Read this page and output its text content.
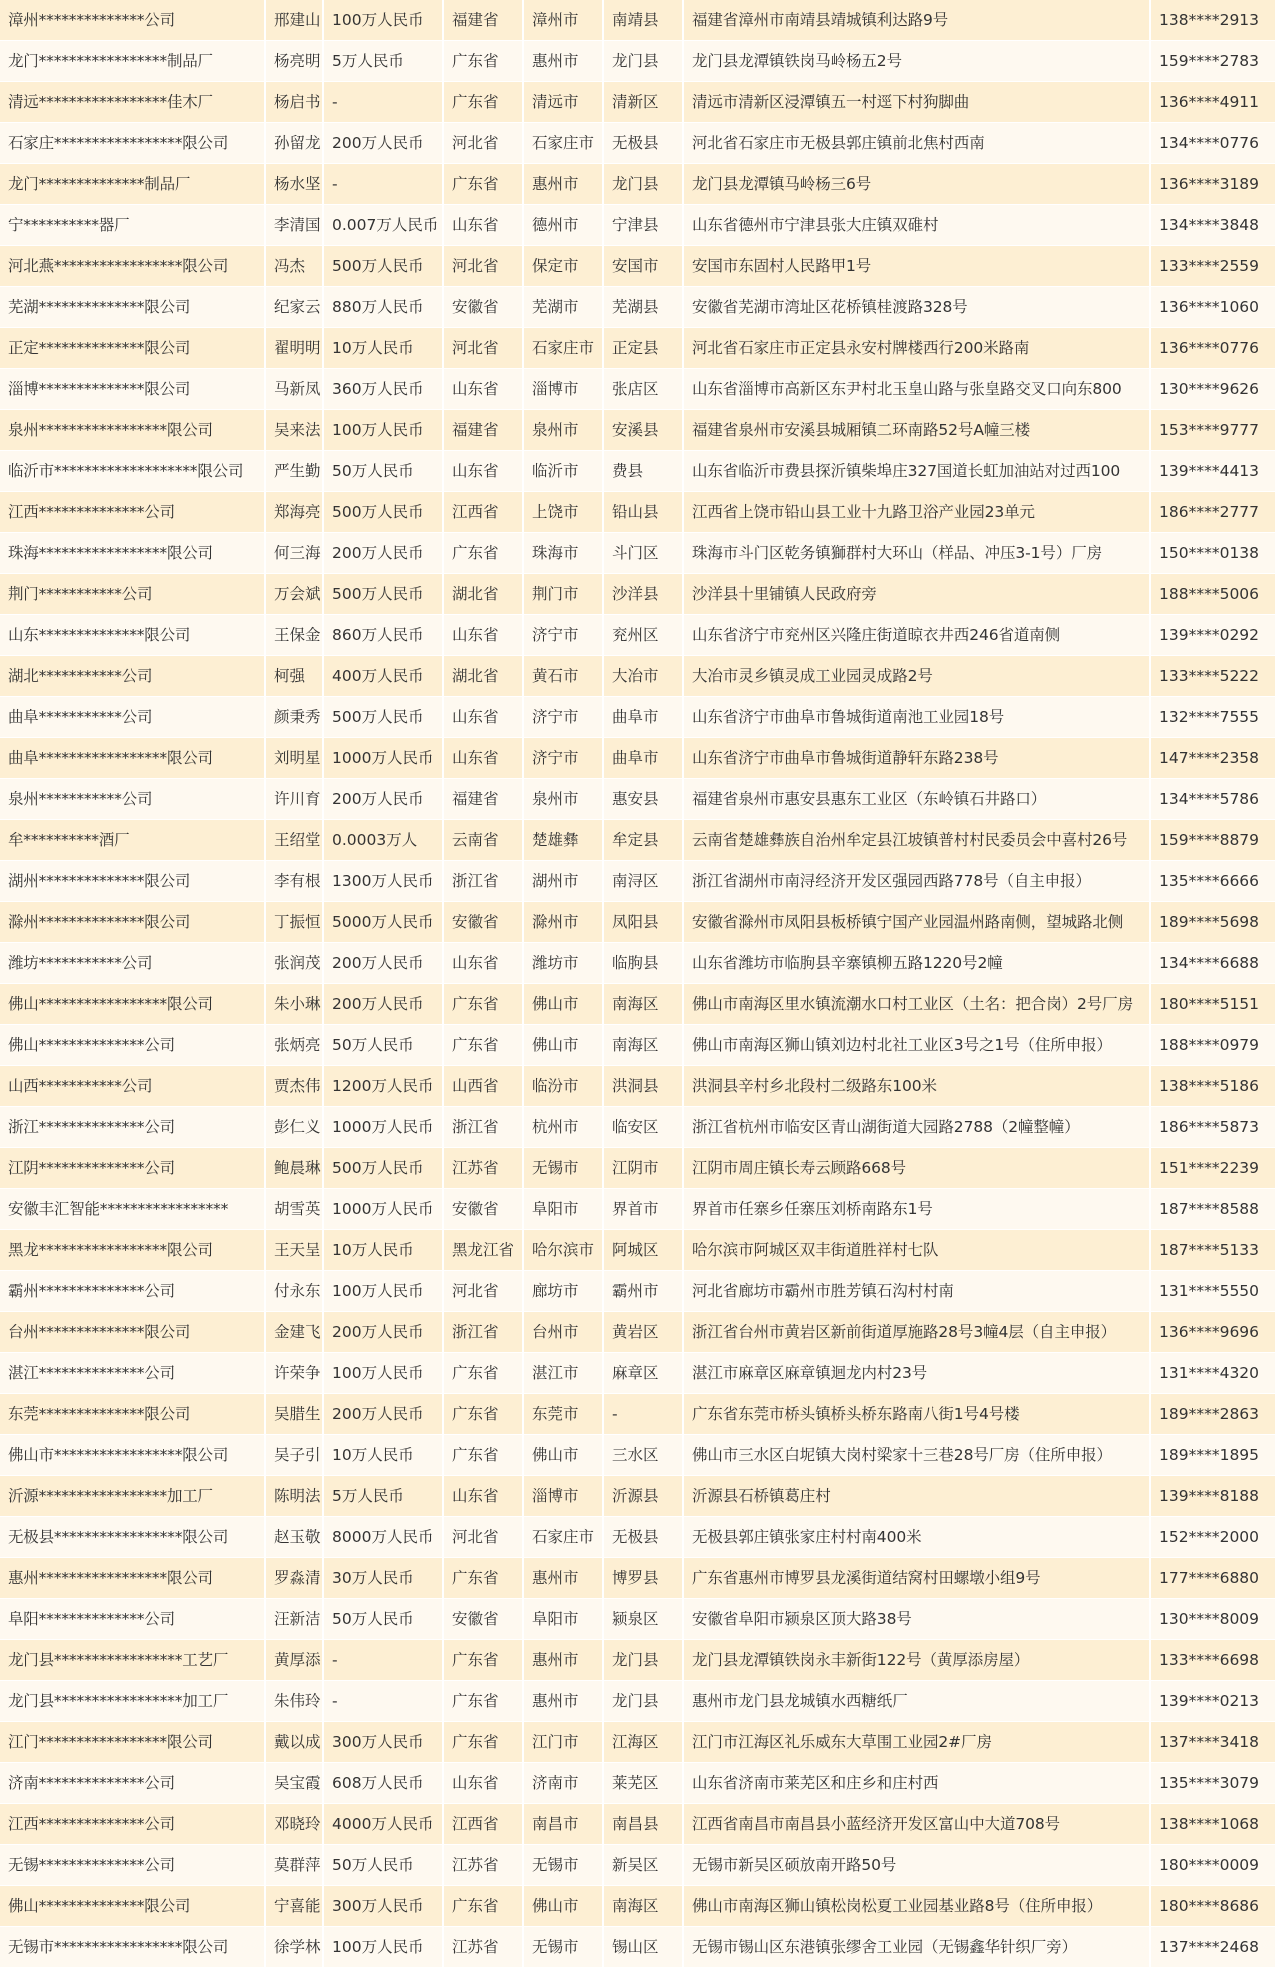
漳州**************公司	邢建山	100万人民币	福建省	漳州市	南靖县	福建省漳州市南靖县靖城镇利达路9号	138****2913
龙门*****************制品厂	杨亮明	5万人民币	广东省	惠州市	龙门县	龙门县龙潭镇铁岗马岭杨五2号	159****2783
清远*****************佳木厂	杨启书	-	广东省	清远市	清新区	清远市清新区浸潭镇五一村逕下村狗脚曲	136****4911
石家庄*****************限公司	孙留龙	200万人民币	河北省	石家庄市	无极县	河北省石家庄市无极县郭庄镇前北焦村西南	134****0776
龙门**************制品厂	杨水坚	-	广东省	惠州市	龙门县	龙门县龙潭镇马岭杨三6号	136****3189
宁**********器厂	李清国	0.007万人民币	山东省	德州市	宁津县	山东省德州市宁津县张大庄镇双碓村	134****3848
河北燕*****************限公司	冯杰	500万人民币	河北省	保定市	安国市	安国市东固村人民路甲1号	133****2559
芜湖**************限公司	纪家云	880万人民币	安徽省	芜湖市	芜湖县	安徽省芜湖市湾址区花桥镇桂渡路328号	136****1060
正定**************限公司	翟明明	10万人民币	河北省	石家庄市	正定县	河北省石家庄市正定县永安村牌楼西行200米路南	136****0776
淄博**************限公司	马新凤	360万人民币	山东省	淄博市	张店区	山东省淄博市高新区东尹村北玉皇山路与张皇路交叉口向东800	130****9626
泉州*****************限公司	吴来法	100万人民币	福建省	泉州市	安溪县	福建省泉州市安溪县城厢镇二环南路52号A幢三楼	153****9777
临沂市*******************限公司	严生勤	50万人民币	山东省	临沂市	费县	山东省临沂市费县探沂镇柴埠庄327国道长虹加油站对过西100	139****4413
江西**************公司	郑海亮	500万人民币	江西省	上饶市	铅山县	江西省上饶市铅山县工业十九路卫浴产业园23单元	186****2777
珠海*****************限公司	何三海	200万人民币	广东省	珠海市	斗门区	珠海市斗门区乾务镇獅群村大环山（样品、冲压3-1号）厂房	150****0138
荆门***********公司	万会斌	500万人民币	湖北省	荆门市	沙洋县	沙洋县十里铺镇人民政府旁	188****5006
山东**************限公司	王保金	860万人民币	山东省	济宁市	兖州区	山东省济宁市兖州区兴隆庄街道晾衣井西246省道南侧	139****0292
湖北***********公司	柯强	400万人民币	湖北省	黄石市	大冶市	大冶市灵乡镇灵成工业园灵成路2号	133****5222
曲阜***********公司	颜秉秀	500万人民币	山东省	济宁市	曲阜市	山东省济宁市曲阜市鲁城街道南池工业园18号	132****7555
曲阜*****************限公司	刘明星	1000万人民币	山东省	济宁市	曲阜市	山东省济宁市曲阜市鲁城街道静轩东路238号	147****2358
泉州***********公司	许川育	200万人民币	福建省	泉州市	惠安县	福建省泉州市惠安县惠东工业区（东岭镇石井路口）	134****5786
牟**********酒厂	王绍堂	0.0003万人	云南省	楚雄彝	牟定县	云南省楚雄彝族自治州牟定县江坡镇普村村民委员会中喜村26号	159****8879
湖州**************限公司	李有根	1300万人民币	浙江省	湖州市	南浔区	浙江省湖州市南浔经济开发区强园西路778号（自主申报）	135****6666
滁州**************限公司	丁振恒	5000万人民币	安徽省	滁州市	凤阳县	安徽省滁州市凤阳县板桥镇宁国产业园温州路南侧，望城路北侧	189****5698
潍坊***********公司	张润茂	200万人民币	山东省	潍坊市	临朐县	山东省潍坊市临朐县辛寨镇柳五路1220号2幢	134****6688
佛山*****************限公司	朱小琳	200万人民币	广东省	佛山市	南海区	佛山市南海区里水镇流潮水口村工业区（土名：把合岗）2号厂房	180****5151
佛山**************公司	张炳亮	50万人民币	广东省	佛山市	南海区	佛山市南海区狮山镇刘边村北社工业区3号之1号（住所申报）	188****0979
山西***********公司	贾杰伟	1200万人民币	山西省	临汾市	洪洞县	洪洞县辛村乡北段村二级路东100米	138****5186
浙江**************公司	彭仁义	1000万人民币	浙江省	杭州市	临安区	浙江省杭州市临安区青山湖街道大园路2788（2幢整幢）	186****5873
江阴**************公司	鲍晨琳	500万人民币	江苏省	无锡市	江阴市	江阴市周庄镇长寿云顾路668号	151****2239
安徽丰汇智能*****************	胡雪英	1000万人民币	安徽省	阜阳市	界首市	界首市任寨乡任寨压刘桥南路东1号	187****8588
黑龙*****************限公司	王天呈	10万人民币	黑龙江省	哈尔滨市	阿城区	哈尔滨市阿城区双丰街道胜祥村七队	187****5133
霸州**************公司	付永东	100万人民币	河北省	廊坊市	霸州市	河北省廊坊市霸州市胜芳镇石沟村村南	131****5550
台州**************限公司	金建飞	200万人民币	浙江省	台州市	黄岩区	浙江省台州市黄岩区新前街道厚施路28号3幢4层（自主申报）	136****9696
湛江**************公司	许荣争	100万人民币	广东省	湛江市	麻章区	湛江市麻章区麻章镇迴龙内村23号	131****4320
东莞**************限公司	吴腊生	200万人民币	广东省	东莞市	-	广东省东莞市桥头镇桥头桥东路南八街1号4号楼	189****2863
佛山市*****************限公司	吴子引	10万人民币	广东省	佛山市	三水区	佛山市三水区白坭镇大岗村梁家十三巷28号厂房（住所申报）	189****1895
沂源*****************加工厂	陈明法	5万人民币	山东省	淄博市	沂源县	沂源县石桥镇葛庄村	139****8188
无极县*****************限公司	赵玉敬	8000万人民币	河北省	石家庄市	无极县	无极县郭庄镇张家庄村村南400米	152****2000
惠州*****************限公司	罗淼清	30万人民币	广东省	惠州市	博罗县	广东省惠州市博罗县龙溪街道结窝村田螺墩小组9号	177****6880
阜阳**************公司	汪新洁	50万人民币	安徽省	阜阳市	颍泉区	安徽省阜阳市颍泉区顶大路38号	130****8009
龙门县*****************工艺厂	黄厚添	-	广东省	惠州市	龙门县	龙门县龙潭镇铁岗永丰新街122号（黄厚添房屋）	133****6698
龙门县*****************加工厂	朱伟玲	-	广东省	惠州市	龙门县	惠州市龙门县龙城镇水西糖纸厂	139****0213
江门*****************限公司	戴以成	300万人民币	广东省	江门市	江海区	江门市江海区礼乐威东大草围工业园2#厂房	137****3418
济南**************公司	吴宝霞	608万人民币	山东省	济南市	莱芜区	山东省济南市莱芜区和庄乡和庄村西	135****3079
江西**************公司	邓晓玲	4000万人民币	江西省	南昌市	南昌县	江西省南昌市南昌县小蓝经济开发区富山中大道708号	138****1068
无锡**************公司	莫群萍	50万人民币	江苏省	无锡市	新吴区	无锡市新吴区硕放南开路50号	180****0009
佛山**************限公司	宁喜能	300万人民币	广东省	佛山市	南海区	佛山市南海区狮山镇松岗松夏工业园基业路8号（住所申报）	180****8686
无锡市*****************限公司	徐学林	100万人民币	江苏省	无锡市	锡山区	无锡市锡山区东港镇张缪舍工业园（无锡鑫华针织厂旁）	137****2468
